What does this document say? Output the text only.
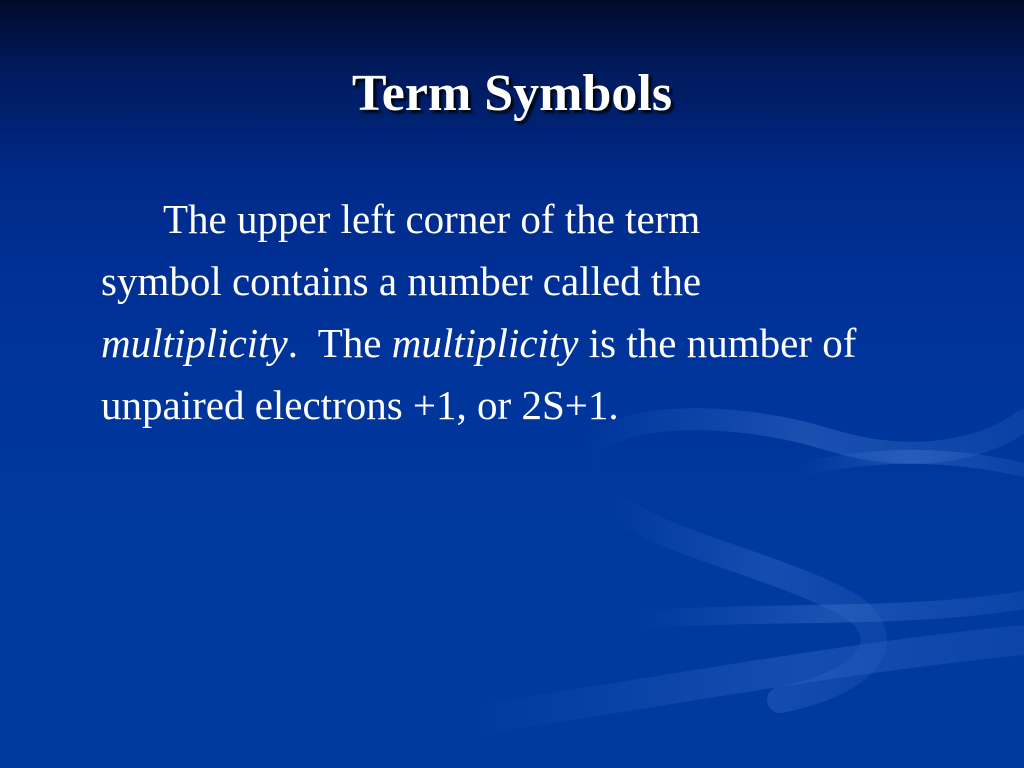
Term Symbols

The upper left corner of the term
symbol contains a number called the
multiplicity.  The multiplicity is the number of
unpaired electrons +1, or 2S+1.
